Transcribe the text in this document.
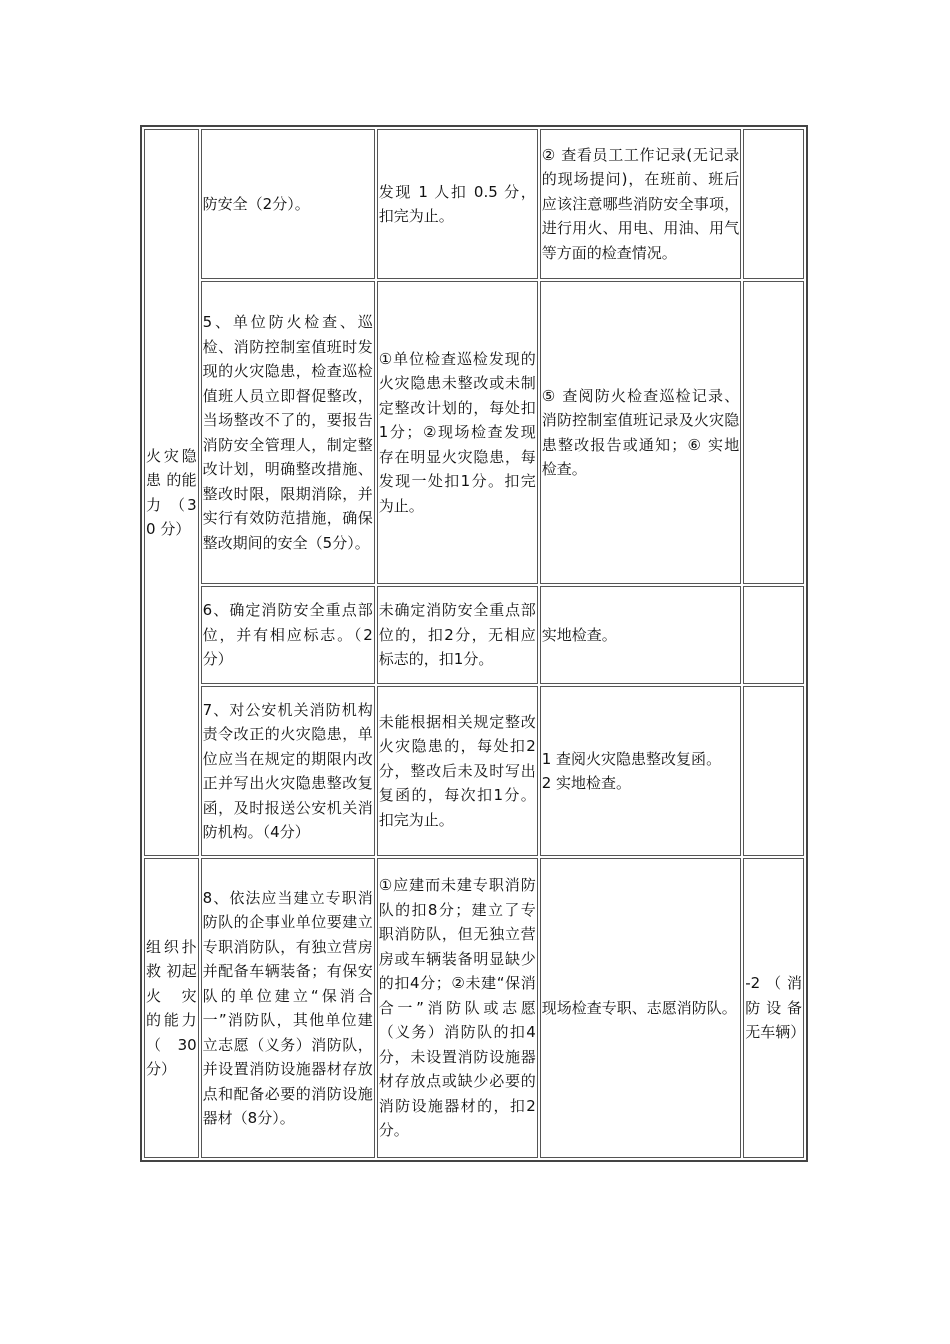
火灾隐 患 的能力 （30 分）	防安全（2分）。	发现 1 人扣 0.5 分，扣完为止。	② 查看员工工作记录(无记录的现场提问)，在班前、班后应该注意哪些消防安全事项，进行用火、用电、用油、用气等方面的检查情况。	
	5、单位防火检查、巡检、消防控制室值班时发现的火灾隐患，检查巡检值班人员立即督促整改，当场整改不了的，要报告消防安全管理人，制定整改计划，明确整改措施、整改时限，限期消除，并实行有效防范措施，确保整改期间的安全（5分）。	①单位检查巡检发现的火灾隐患未整改或未制定整改计划的，每处扣1分；②现场检查发现存在明显火灾隐患，每发现一处扣1分。扣完为止。	⑤ 查阅防火检查巡检记录、消防控制室值班记录及火灾隐患整改报告或通知；⑥ 实地检查。	
	6、确定消防安全重点部位，并有相应标志。（2分）	未确定消防安全重点部位的，扣2分，无相应标志的，扣1分。	实地检查。	
	7、对公安机关消防机构责令改正的火灾隐患，单位应当在规定的期限内改正并写出火灾隐患整改复函，及时报送公安机关消防机构。（4分）	未能根据相关规定整改火灾隐患的，每处扣2分，整改后未及时写出复函的，每次扣1分。扣完为止。	1 查阅火灾隐患整改复函。
2 实地检查。	

组织扑 救 初起火 灾 的能力 （30 分）	8、依法应当建立专职消防队的企事业单位要建立专职消防队，有独立营房并配备车辆装备；有保安队的单位建立“保消合一”消防队，其他单位建立志愿（义务）消防队，并设置消防设施器材存放点和配备必要的消防设施器材（8分）。	①应建而未建专职消防队的扣8分；建立了专职消防队，但无独立营房或车辆装备明显缺少的扣4分；②未建“保消合一”消防队或志愿（义务）消防队的扣4分，未设置消防设施器材存放点或缺少必要的消防设施器材的，扣2分。	现场检查专职、志愿消防队。	-2（消防设备无车辆）
